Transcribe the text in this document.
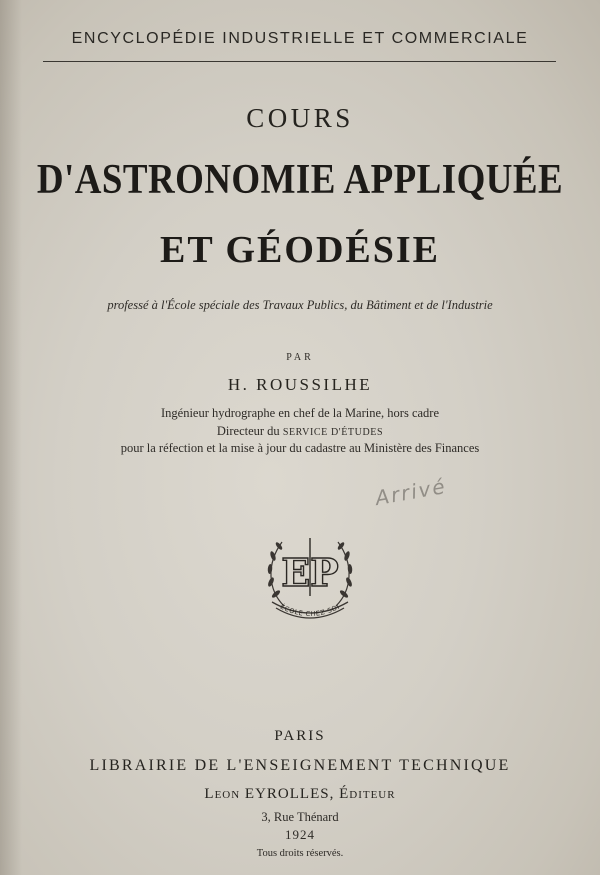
ENCYCLOPÉDIE INDUSTRIELLE ET COMMERCIALE
COURS
D'ASTRONOMIE APPLIQUÉE
ET GÉODÉSIE
professé à l'École spéciale des Travaux Publics, du Bâtiment et de l'Industrie
PAR
H. ROUSSILHE
Ingénieur hydrographe en chef de la Marine, hors cadre
Directeur du SERVICE D'ÉTUDES
pour la réfection et la mise à jour du cadastre au Ministère des Finances
Arrivé
ÉCOLE CHEZ SOI
EP
PARIS
LIBRAIRIE DE L'ENSEIGNEMENT TECHNIQUE
LEON EYROLLES, ÉDITEUR
3, Rue Thénard
1924
Tous droits réservés.
